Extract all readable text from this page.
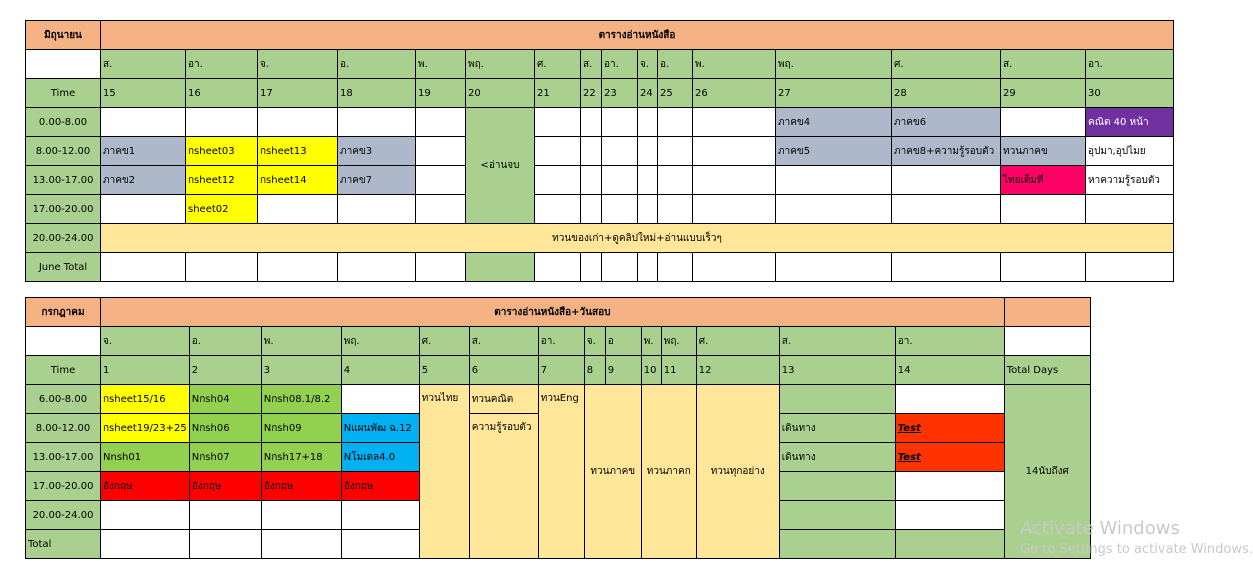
มิถุนายน	ตารางอ่านหนังสือ															
	ส.	อา.	จ.	อ.	พ.	พฤ.	ศ.	ส.	อา.	จ.	อ.	พ.	พฤ.	ศ.	ส.	อา.
Time	15	16	17	18	19	20	21	22	23	24	25	26	27	28	29	30
0.00-8.00						<อ่านจบ							ภาคข4	ภาคข6		คณิต 40 หน้า
8.00-12.00	ภาคข1	กsheet03	กsheet13	ภาคข3									ภาคข5	ภาคข8+ความรู้รอบตัว	ทวนภาคข	อุปมา,อุปไมย
13.00-17.00	ภาคข2	กsheet12	กsheet14	ภาคข7											ไทยเต็มที่	หาความรู้รอบตัว
17.00-20.00		sheet02														
20.00-24.00	ทวนของเก่า+ดูคลิปใหม่+อ่านแบบเร็วๆ															
June Total																
กรกฎาคม	ตารางอ่านหนังสือ+วันสอบ														
	จ.	อ.	พ.	พฤ.	ศ.	ส.	อา.	จ.	อ	พ.	พฤ.	ศ.	ส.	อา.	
Time	1	2	3	4	5	6	7	8	9	10	11	12	13	14	Total Days
6.00-8.00	กsheet15/16	Nกsh04	Nกsh08.1/8.2		ทวนไทย	ทวนคณิต	ทวนEng	ทวนภาคข		ทวนภาคก		ทวนทุกอย่าง			14นับถึงศ
8.00-12.00	กsheet19/23+25	Nกsh06	Nกsh09	Nแผนพัฒ ฉ.12		ความรู้รอบตัว							เดินทาง	Test	
13.00-17.00	Nnsh01	Nกsh07	Nกsh17+18	Nโมเดล4.0									เดินทาง	Test	
17.00-20.00	อังกฤษ	อังกฤษ	อังกฤษ	อังกฤษ											
20.00-24.00															
Total															
Activate Windows
Go to Settings to activate Windows.
